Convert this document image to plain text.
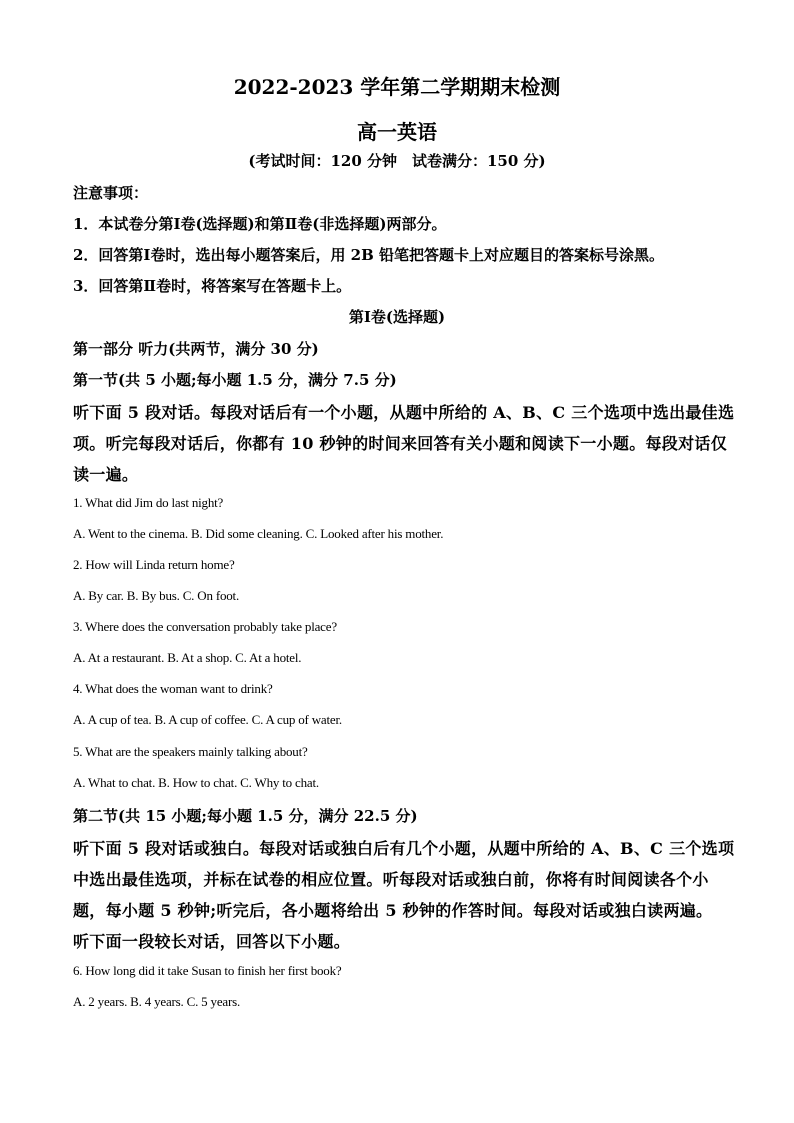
2022-2023 学年第二学期期末检测
高一英语
(考试时间：120 分钟　试卷满分：150 分)
注意事项：
1．本试卷分第Ⅰ卷(选择题)和第Ⅱ卷(非选择题)两部分。
2．回答第Ⅰ卷时，选出每小题答案后，用 2B 铅笔把答题卡上对应题目的答案标号涂黑。
3．回答第Ⅱ卷时，将答案写在答题卡上。
第Ⅰ卷(选择题)
第一部分 听力(共两节，满分 30 分)
第一节(共 5 小题;每小题 1.5 分，满分 7.5 分)
听下面 5 段对话。每段对话后有一个小题，从题中所给的 A、B、C 三个选项中选出最佳选
项。听完每段对话后，你都有 10 秒钟的时间来回答有关小题和阅读下一小题。每段对话仅
读一遍。
1. What did Jim do last night?
A. Went to the cinema. B. Did some cleaning. C. Looked after his mother.
2. How will Linda return home?
A. By car. B. By bus. C. On foot.
3. Where does the conversation probably take place?
A. At a restaurant. B. At a shop. C. At a hotel.
4. What does the woman want to drink?
A. A cup of tea. B. A cup of coffee. C. A cup of water.
5. What are the speakers mainly talking about?
A. What to chat. B. How to chat. C. Why to chat.
第二节(共 15 小题;每小题 1.5 分，满分 22.5 分)
听下面 5 段对话或独白。每段对话或独白后有几个小题，从题中所给的 A、B、C 三个选项
中选出最佳选项，并标在试卷的相应位置。听每段对话或独白前，你将有时间阅读各个小
题，每小题 5 秒钟;听完后，各小题将给出 5 秒钟的作答时间。每段对话或独白读两遍。
听下面一段较长对话，回答以下小题。
6. How long did it take Susan to finish her first book?
A. 2 years. B. 4 years. C. 5 years.
